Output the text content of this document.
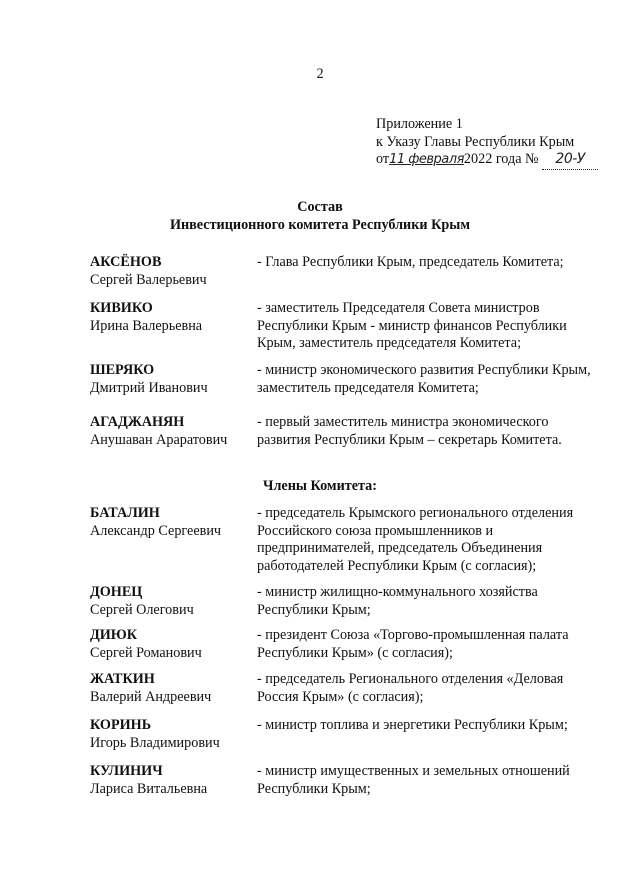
2
Приложение 1
к Указу Главы Республики Крым
от11 февраля2022 года № 20-У
Состав
Инвестиционного комитета Республики Крым
АКСЁНОВ
Сергей Валерьевич
- Глава Республики Крым, председатель Комитета;
КИВИКО
Ирина Валерьевна
- заместитель Председателя Совета министров Республики Крым - министр финансов Республики Крым, заместитель председателя Комитета;
ШЕРЯКО
Дмитрий Иванович
- министр экономического развития Республики Крым, заместитель председателя Комитета;
АГАДЖАНЯН
Анушаван Араратович
- первый заместитель министра экономического развития Республики Крым – секретарь Комитета.
Члены Комитета:
БАТАЛИН
Александр Сергеевич
- председатель Крымского регионального отделения Российского союза промышленников и предпринимателей, председатель Объединения работодателей Республики Крым (с согласия);
ДОНЕЦ
Сергей Олегович
- министр жилищно-коммунального хозяйства Республики Крым;
ДИЮК
Сергей Романович
- президент Союза «Торгово-промышленная палата Республики Крым» (с согласия);
ЖАТКИН
Валерий Андреевич
- председатель Регионального отделения «Деловая Россия Крым» (с согласия);
КОРИНЬ
Игорь Владимирович
- министр топлива и энергетики Республики Крым;
КУЛИНИЧ
Лариса Витальевна
- министр имущественных и земельных отношений Республики Крым;
